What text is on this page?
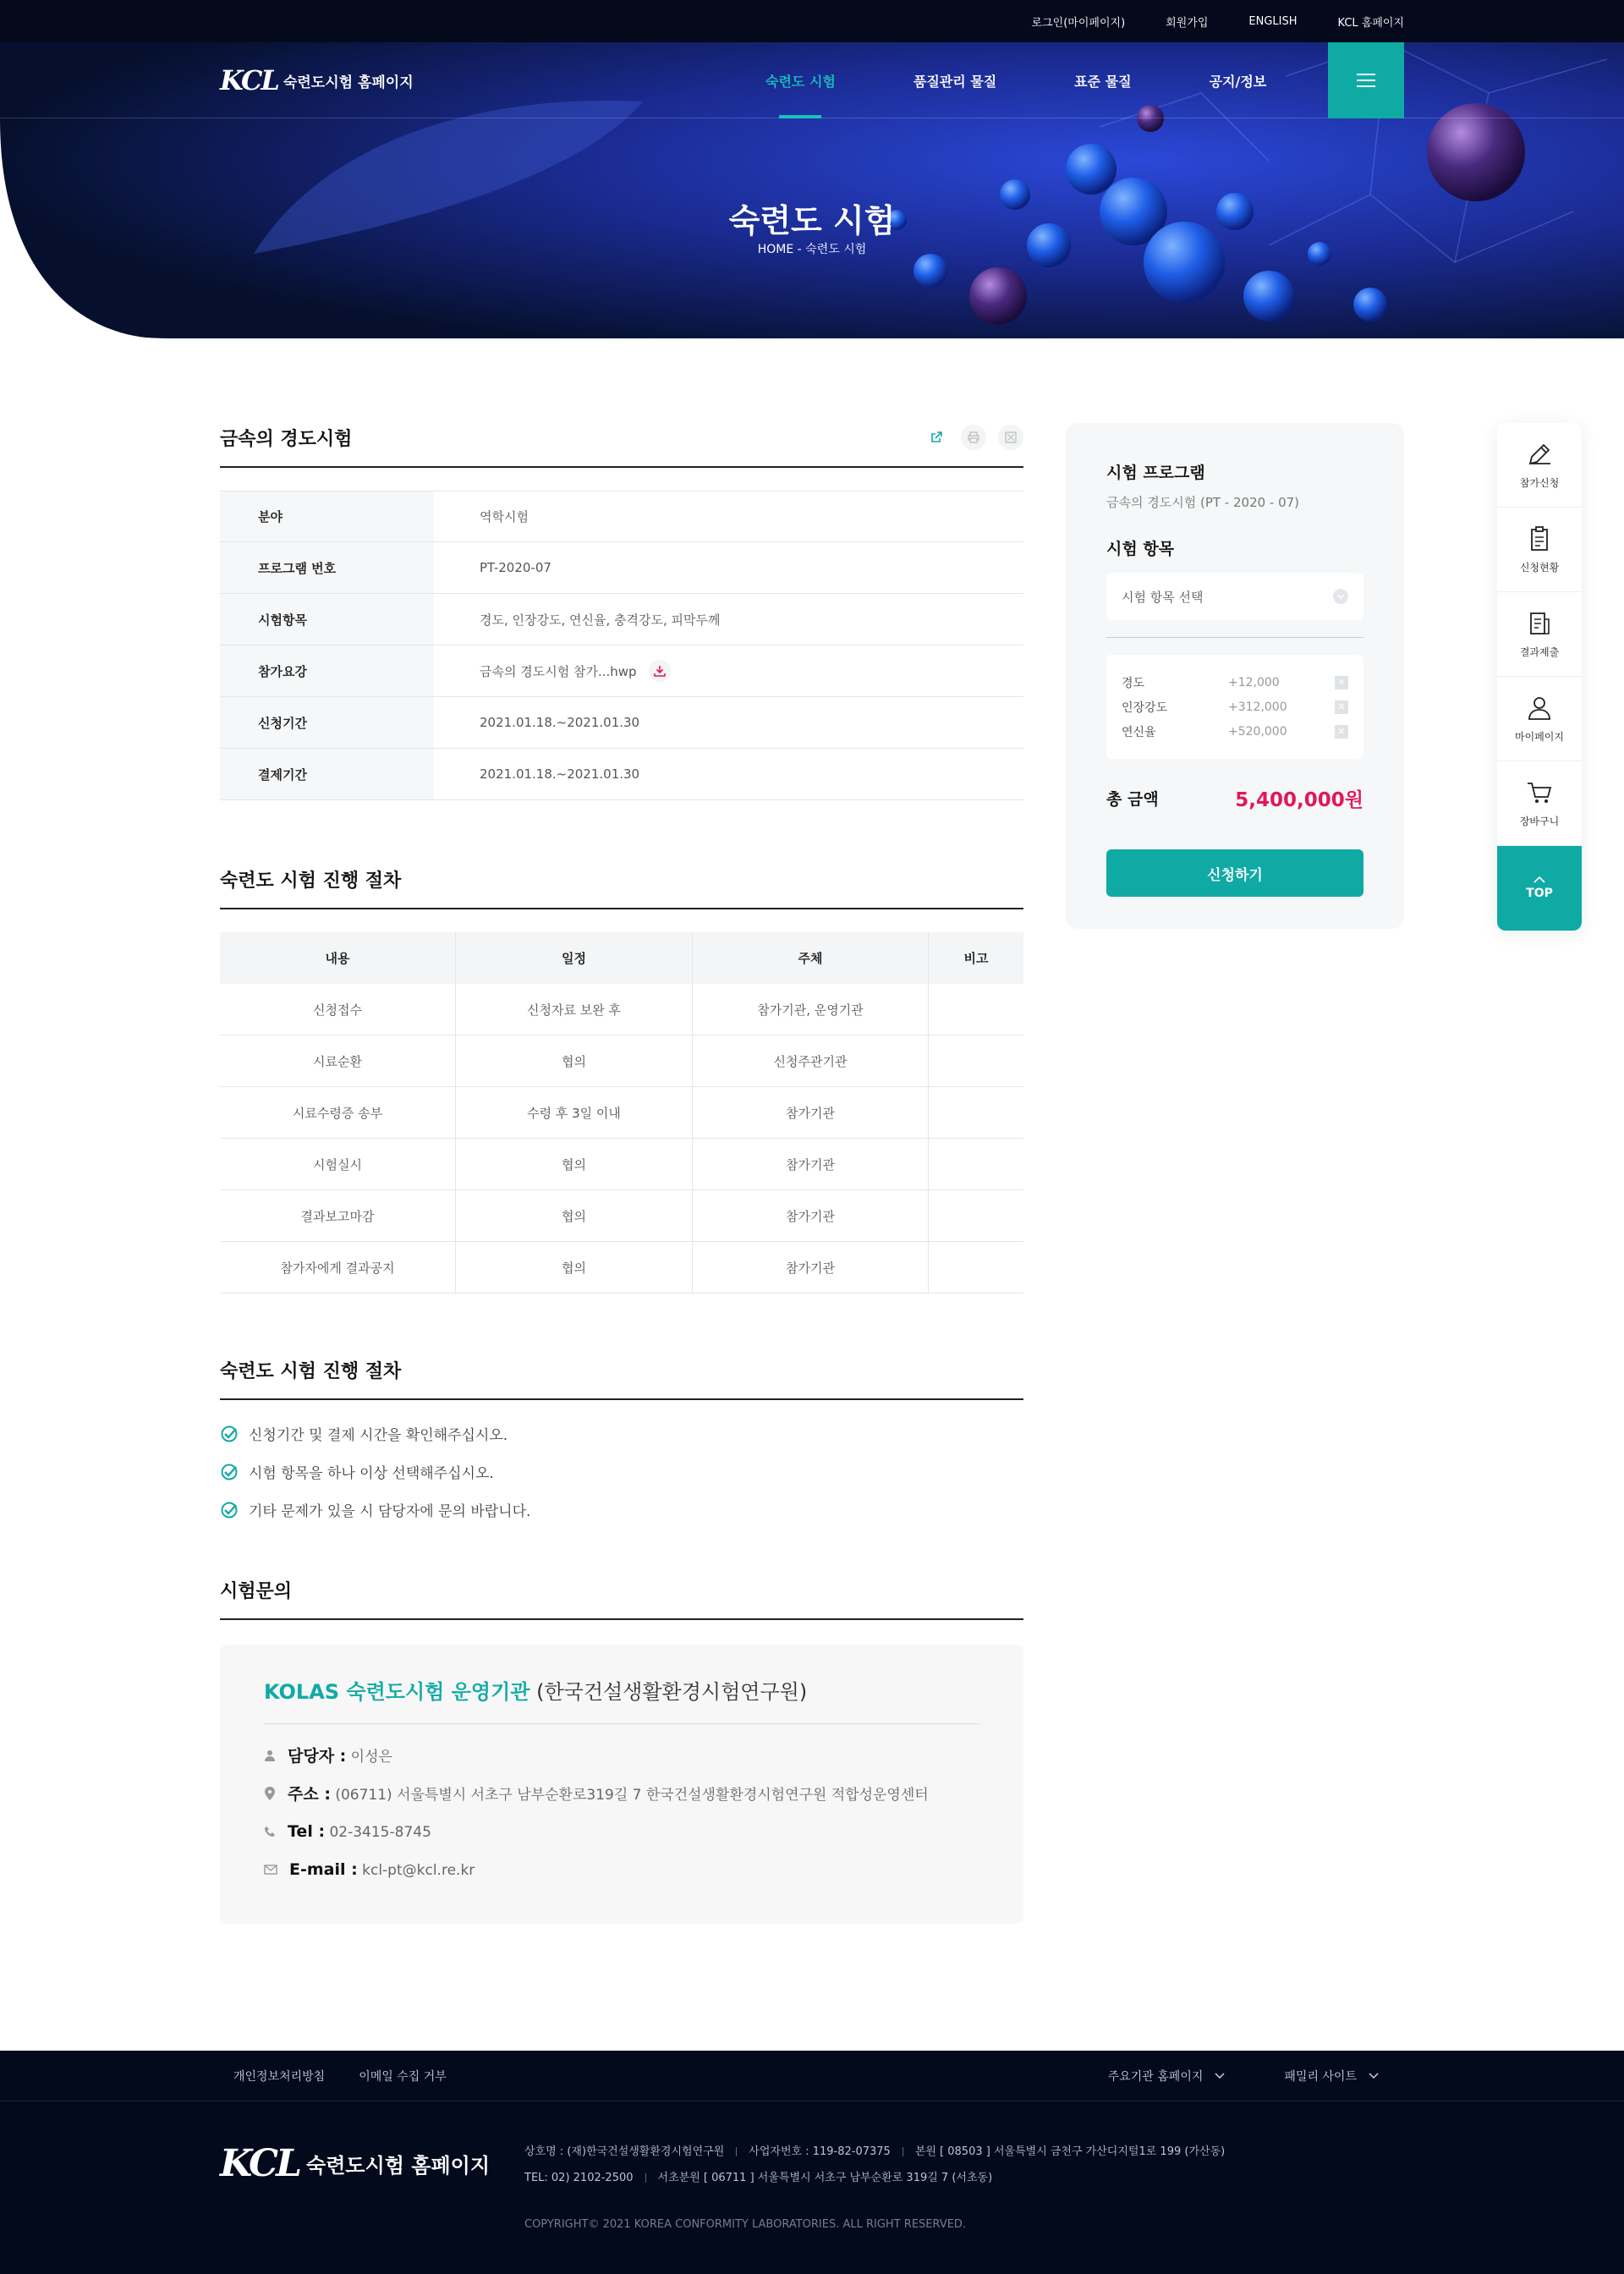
로그인(마이페이지)	회원가입	ENGLISH	KCL 홈페이지
KCL 숙련도시험 홈페이지	숙련도 시험	품질관리 물질	표준 물질	공지/정보
숙련도 시험
HOME - 숙련도 시험
금속의 경도시험
분야	역학시험
프로그램 번호	PT-2020-07
시험항목	경도, 인장강도, 연신율, 충격강도, 피막두께
참가요강	금속의 경도시험 참가...hwp
신청기간	2021.01.18.~2021.01.30
결제기간	2021.01.18.~2021.01.30
숙련도 시험 진행 절차
내용	일정	주체	비고
신청접수	신청자료 보완 후	참가기관, 운영기관
시료순환	협의	신청주관기관
시료수령증 송부	수령 후 3일 이내	참가기관
시험실시	협의	참가기관
결과보고마감	협의	참가기관
참가자에게 결과공지	협의	참가기관
숙련도 시험 진행 절차
신청기간 및 결제 시간을 확인해주십시오.
시험 항목을 하나 이상 선택해주십시오.
기타 문제가 있을 시 담당자에 문의 바랍니다.
시험문의
KOLAS 숙련도시험 운영기관 (한국건설생활환경시험연구원)
담당자 : 이성은
주소 : (06711) 서울특별시 서초구 남부순환로319길 7 한국건설생활환경시험연구원 적합성운영센터
Tel : 02-3415-8745
E-mail : kcl-pt@kcl.re.kr
시험 프로그램
금속의 경도시험 (PT - 2020 - 07)
시험 항목
시험 항목 선택
경도	+12,000	✕
인장강도	+312,000	✕
연신율	+520,000	✕
총 금액	5,400,000원
신청하기
참가신청
신청현황
결과제출
마이페이지
장바구니
TOP
개인정보처리방침	이메일 수집 거부	주요기관 홈페이지	패밀리 사이트
KCL 숙련도시험 홈페이지
상호명 : (재)한국건설생활환경시험연구원 사업자번호 : 119-82-07375 본원 [ 08503 ] 서울특별시 금천구 가산디지털1로 199 (가산동)
TEL: 02) 2102-2500 서초분원 [ 06711 ] 서울특별시 서초구 남부순환로 319길 7 (서초동)
COPYRIGHT© 2021 KOREA CONFORMITY LABORATORIES. ALL RIGHT RESERVED.
